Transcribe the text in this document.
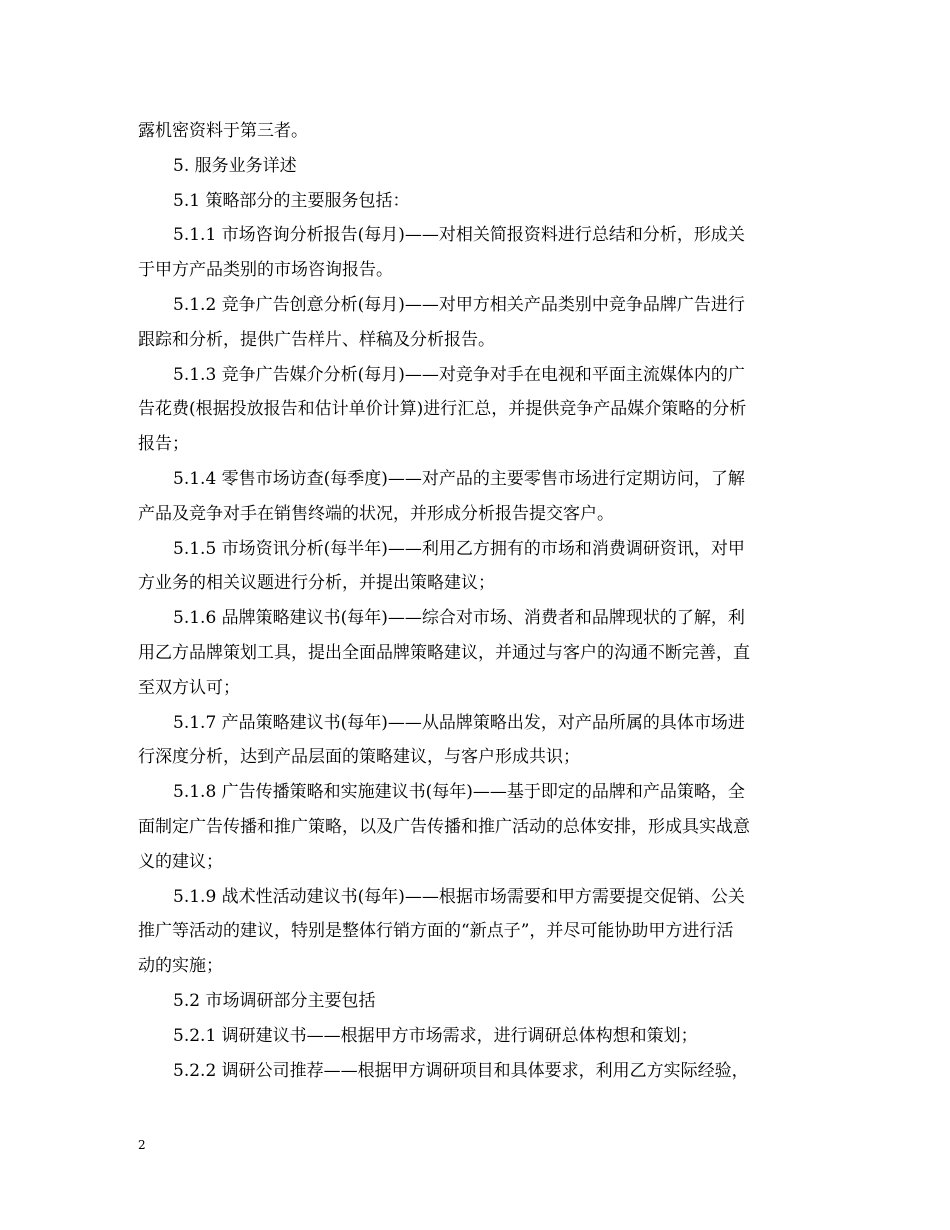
露机密资料于第三者。
5. 服务业务详述
5.1 策略部分的主要服务包括：
5.1.1 市场咨询分析报告(每月)——对相关简报资料进行总结和分析，形成关
于甲方产品类别的市场咨询报告。
5.1.2 竞争广告创意分析(每月)——对甲方相关产品类别中竞争品牌广告进行
跟踪和分析，提供广告样片、样稿及分析报告。
5.1.3 竞争广告媒介分析(每月)——对竞争对手在电视和平面主流媒体内的广
告花费(根据投放报告和估计单价计算)进行汇总，并提供竞争产品媒介策略的分析
报告；
5.1.4 零售市场访查(每季度)——对产品的主要零售市场进行定期访问，了解
产品及竞争对手在销售终端的状况，并形成分析报告提交客户。
5.1.5 市场资讯分析(每半年)——利用乙方拥有的市场和消费调研资讯，对甲
方业务的相关议题进行分析，并提出策略建议；
5.1.6 品牌策略建议书(每年)——综合对市场、消费者和品牌现状的了解，利
用乙方品牌策划工具，提出全面品牌策略建议，并通过与客户的沟通不断完善，直
至双方认可；
5.1.7 产品策略建议书(每年)——从品牌策略出发，对产品所属的具体市场进
行深度分析，达到产品层面的策略建议，与客户形成共识；
5.1.8 广告传播策略和实施建议书(每年)——基于即定的品牌和产品策略，全
面制定广告传播和推广策略，以及广告传播和推广活动的总体安排，形成具实战意
义的建议；
5.1.9 战术性活动建议书(每年)——根据市场需要和甲方需要提交促销、公关
推广等活动的建议，特别是整体行销方面的“新点子”，并尽可能协助甲方进行活
动的实施；
5.2 市场调研部分主要包括
5.2.1 调研建议书——根据甲方市场需求，进行调研总体构想和策划；
5.2.2 调研公司推荐——根据甲方调研项目和具体要求，利用乙方实际经验，
2
